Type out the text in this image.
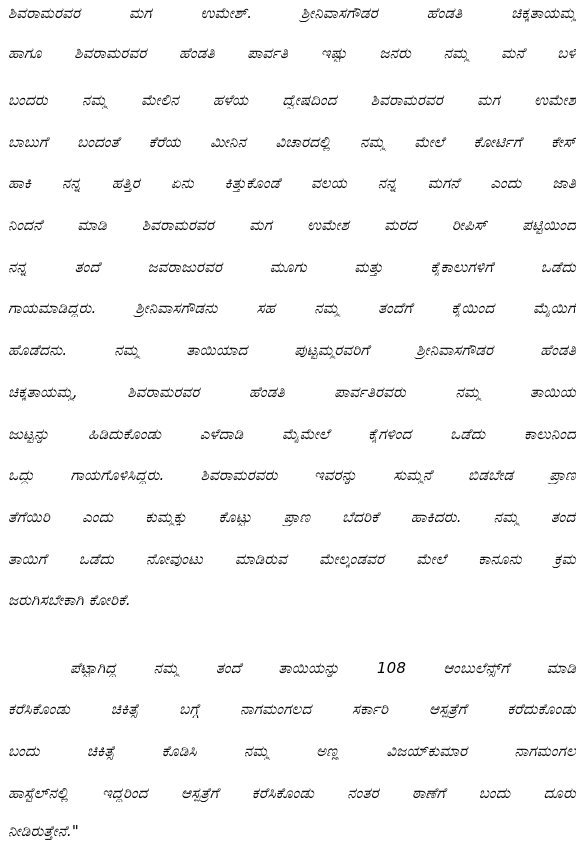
ಶಿವರಾಮರವರ ಮಗ ಉಮೇಶ್. ಶ್ರೀನಿವಾಸಗೌಡರ ಹೆಂಡತಿ ಚಿಕ್ಕತಾಯಮ್ಮ
ಹಾಗೂ ಶಿವರಾಮರವರ ಹೆಂಡತಿ ಪಾರ್ವತಿ ಇಷ್ಟು ಜನರು ನಮ್ಮ ಮನೆ ಬಳಿ
ಬಂದರು ನಮ್ಮ ಮೇಲಿನ ಹಳೆಯ ದ್ವೇಷದಿಂದ ಶಿವರಾಮರವರ ಮಗ ಉಮೇಶ
ಬಾಬುಗೆ ಬಂದಂತೆ ಕೆರೆಯ ಮೀನಿನ ವಿಚಾರದಲ್ಲಿ ನಮ್ಮ ಮೇಲೆ ಕೋರ್ಟಿಗೆ ಕೇಸ್
ಹಾಕಿ ನನ್ನ ಹತ್ತಿರ ಏನು ಕಿತ್ತುಕೊಂಡೆ ವಲಯ ನನ್ನ ಮಗನೆ ಎಂದು ಜಾತಿ
ನಿಂದನೆ ಮಾಡಿ ಶಿವರಾಮರವರ ಮಗ ಉಮೇಶ ಮರದ ರೀಪಿಸ್ ಪಟ್ಟಿಯಿಂದ
ನನ್ನ ತಂದೆ ಜವರಾಜುರವರ ಮೂಗು ಮತ್ತು ಕೈಕಾಲುಗಳಿಗೆ ಒಡೆದು
ಗಾಯಮಾಡಿದ್ದರು. ಶ್ರೀನಿವಾಸಗೌಡನು ಸಹ ನಮ್ಮ ತಂದೆಗೆ ಕೈಯಿಂದ ಮೈಯಿಗೆ
ಹೊಡೆದನು. ನಮ್ಮ ತಾಯಿಯಾದ ಪುಟ್ಟಮ್ಮರವರಿಗೆ ಶ್ರೀನಿವಾಸಗೌಡರ ಹೆಂಡತಿ
ಚಿಕ್ಕತಾಯಮ್ಮ, ಶಿವರಾಮರವರ ಹೆಂಡತಿ ಪಾರ್ವತಿರವರು ನಮ್ಮ ತಾಯಿಯ
ಜುಟ್ಟನ್ನು ಹಿಡಿದುಕೊಂಡು ಎಳೆದಾಡಿ ಮೈಮೇಲೆ ಕೈಗಳಿಂದ ಒಡೆದು ಕಾಲುನಿಂದ
ಒದ್ದು ಗಾಯಗೊಳಿಸಿದ್ದರು. ಶಿವರಾಮರವರು ಇವರನ್ನು ಸುಮ್ಮನೆ ಬಿಡಬೇಡ ಪ್ರಾಣ
ತೆಗೆಯಿರಿ ಎಂದು ಕುಮ್ಮಕ್ಕು ಕೊಟ್ಟು ಪ್ರಾಣ ಬೆದರಿಕೆ ಹಾಕಿದರು. ನಮ್ಮ ತಂದೆ
ತಾಯಿಗೆ ಒಡೆದು ನೋವುಂಟು ಮಾಡಿರುವ ಮೇಲ್ಕಂಡವರ ಮೇಲೆ ಕಾನೂನು ಕ್ರಮ
ಜರುಗಿಸಬೇಕಾಗಿ ಕೋರಿಕೆ.
ಪೆಟ್ಟಾಗಿದ್ದ ನಮ್ಮ ತಂದೆ ತಾಯಿಯನ್ನು 108 ಆಂಬುಲೆನ್ಸ್‌ಗೆ ಮಾಡಿ
ಕರೆಸಿಕೊಂಡು ಚಿಕಿತ್ಸೆ ಬಗ್ಗೆ ನಾಗಮಂಗಲದ ಸರ್ಕಾರಿ ಆಸ್ಪತ್ರೆಗೆ ಕರೆದುಕೊಂಡು
ಬಂದು ಚಿಕಿತ್ಸೆ ಕೊಡಿಸಿ ನಮ್ಮ ಅಣ್ಣ ವಿಜಯ್‌ಕುಮಾರ ನಾಗಮಂಗಲ
ಹಾಸ್ಟೆಲ್‌ನಲ್ಲಿ ಇದ್ದರಿಂದ ಆಸ್ಪತ್ರೆಗೆ ಕರೆಸಿಕೊಂಡು ನಂತರ ಠಾಣೆಗೆ ಬಂದು ದೂರು
ನೀಡಿರುತ್ತೇನೆ."
